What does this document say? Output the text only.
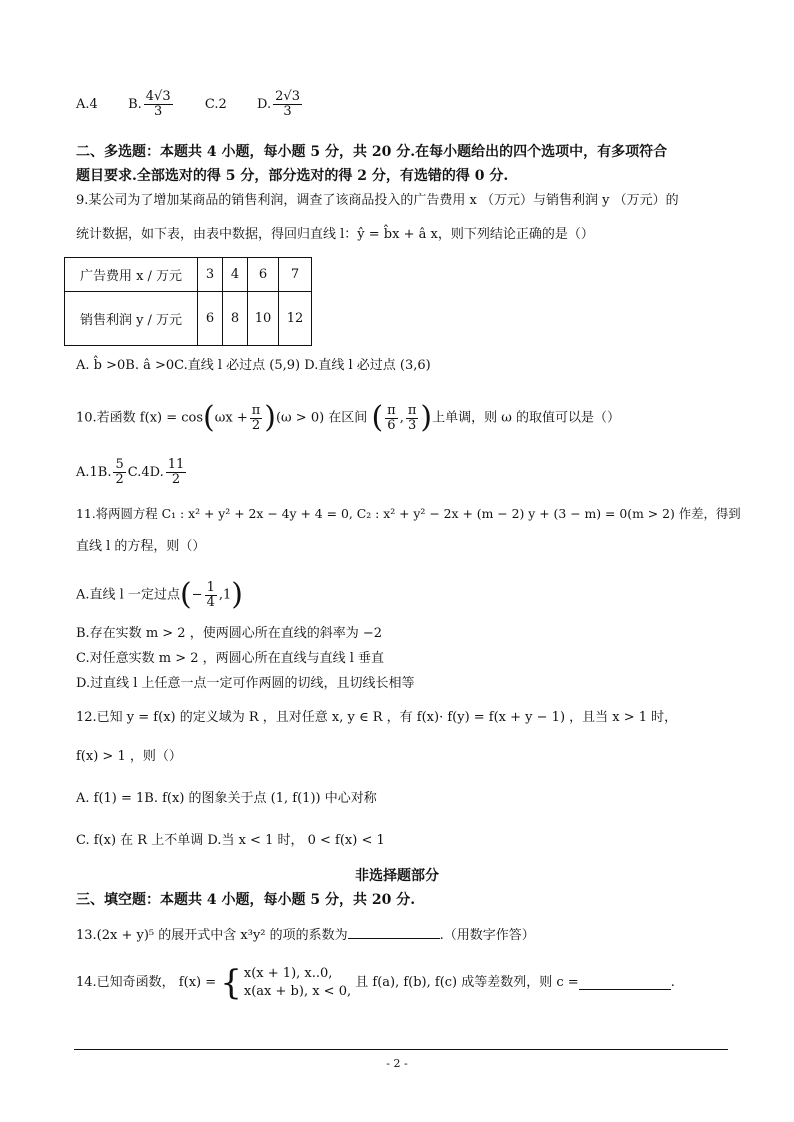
A.4 B. $\frac{4√3}{3} C.2$ D. $\frac{2√3}{3}$
二、多选题：本题共 4 小题，每小题 5 分，共 20 分.在每小题给出的四个选项中，有多项符合
题目要求.全部选对的得 5 分，部分选对的得 2 分，有选错的得 0 分.
9.某公司为了增加某商品的销售利润，调查了该商品投入的广告费用 x （万元）与销售利润 y （万元）的
统计数据，如下表，由表中数据，得回归直线 l：ŷ = b̂x + â x，则下列结论正确的是（）
广告费用 x / 万元	3	4	6	7
销售利润 y / 万元	6	8	10	12
A. b̂ >0B. â >0C.直线 l 必过点 (5,9) D.直线 l 必过点 (3,6)
10.若函数 $f(x) = \cos(\omega x + \frac{\pi}{2} )(\omega > 0)$ 在区间 ( $\frac{\pi}{6}$ , $\frac{\pi}{3}$ )上单调，则 ω 的取值可以是（）
A.1B. $\frac{5}{2} C.4D$. $\frac{11}{2}$
11.将两圆方程 C₁ : x² + y² + 2x − 4y + 4 = 0, C₂ : x² + y² − 2x + (m − 2) y + (3 − m) = 0(m > 2) 作差，得到
直线 l 的方程，则（）
A.直线 l 一定过点(− $\frac{1}{4} ,1$)
B.存在实数 m > 2 ，使两圆心所在直线的斜率为 −2
C.对任意实数 m > 2 ，两圆心所在直线与直线 l 垂直
D.过直线 l 上任意一点一定可作两圆的切线，且切线长相等
12.已知 y = f(x) 的定义域为 R ，且对任意 x, y ∈ R ，有 f(x)· f(y) = f(x + y − 1) ，且当 x > 1 时，
f(x) > 1 ，则（）
A. f(1) = 1B. f(x) 的图象关于点 (1, f(1)) 中心对称
C. f(x) 在 R 上不单调 D.当 x < 1 时， 0 < f(x) < 1
非选择题部分
三、填空题：本题共 4 小题，每小题 5 分，共 20 分.
13.(2x + y)⁵ 的展开式中含 x³y² 的项的系数为	.（用数字作答）
14.已知奇函数， f(x) = { x(x + 1), x..0,
x(ax + b), x < 0,
且 f(a), f(b), f(c) 成等差数列，则 c =	.
- 2 -
